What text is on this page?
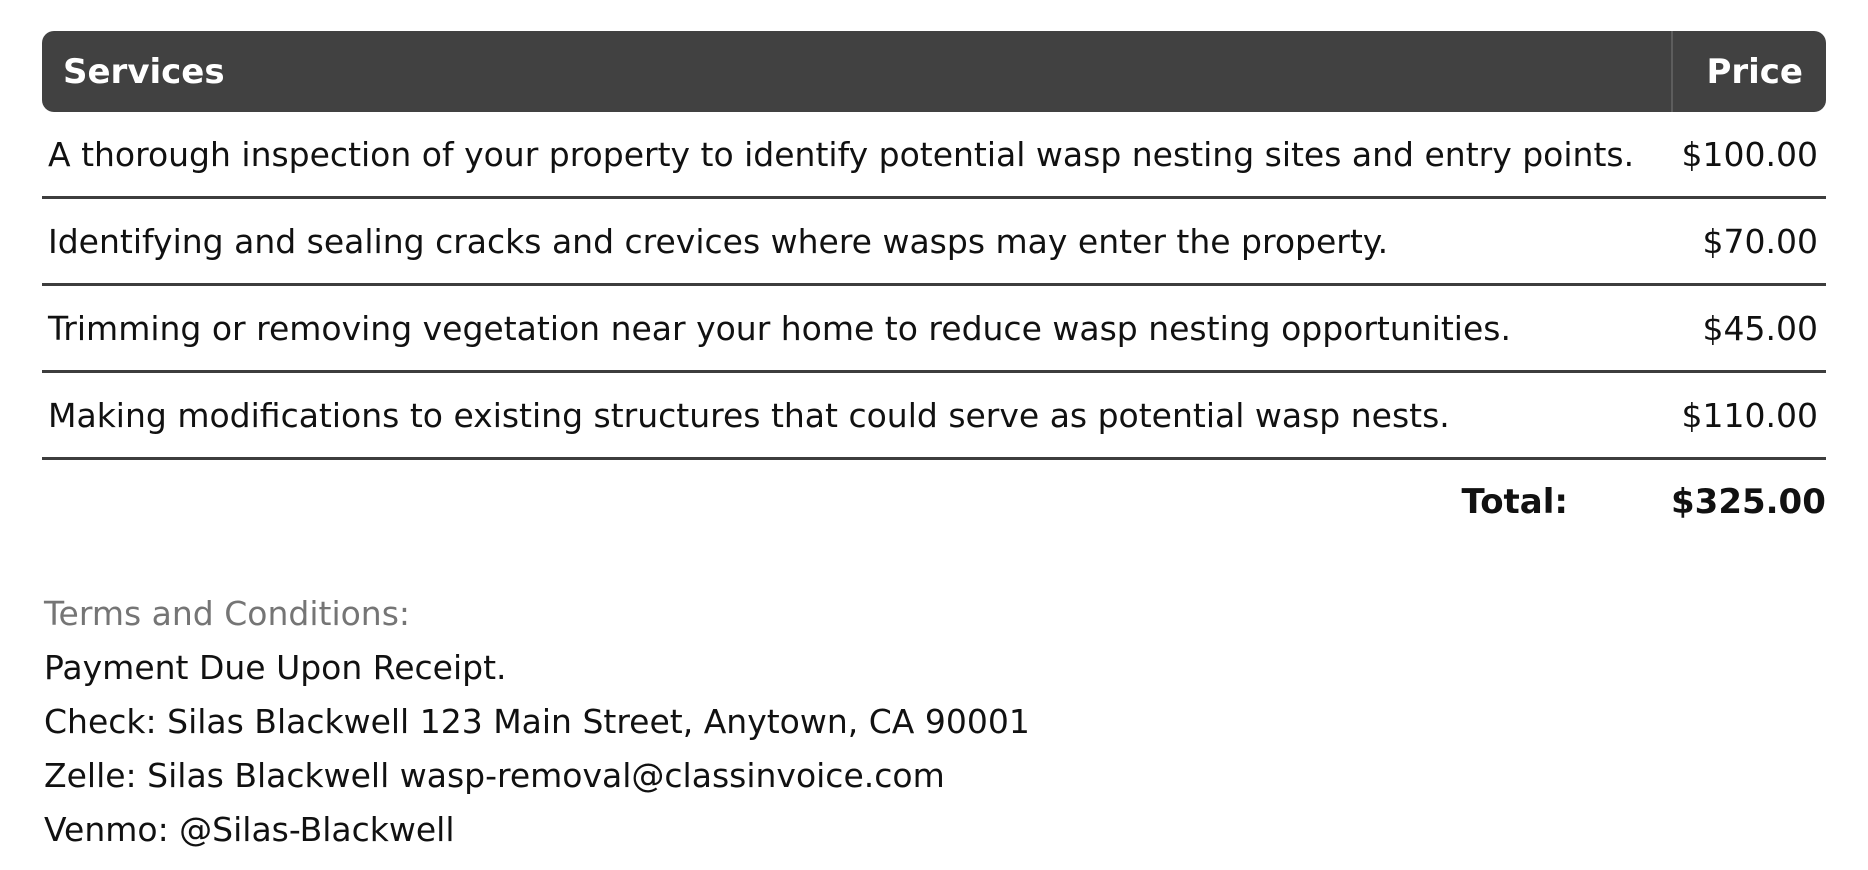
Services	Price
A thorough inspection of your property to identify potential wasp nesting sites and entry points.	$100.00
Identifying and sealing cracks and crevices where wasps may enter the property.	$70.00
Trimming or removing vegetation near your home to reduce wasp nesting opportunities.	$45.00
Making modifications to existing structures that could serve as potential wasp nests.	$110.00
Total:	$325.00
Terms and Conditions:
Payment Due Upon Receipt.
Check: Silas Blackwell 123 Main Street, Anytown, CA 90001
Zelle: Silas Blackwell wasp-removal@classinvoice.com
Venmo: @Silas-Blackwell
